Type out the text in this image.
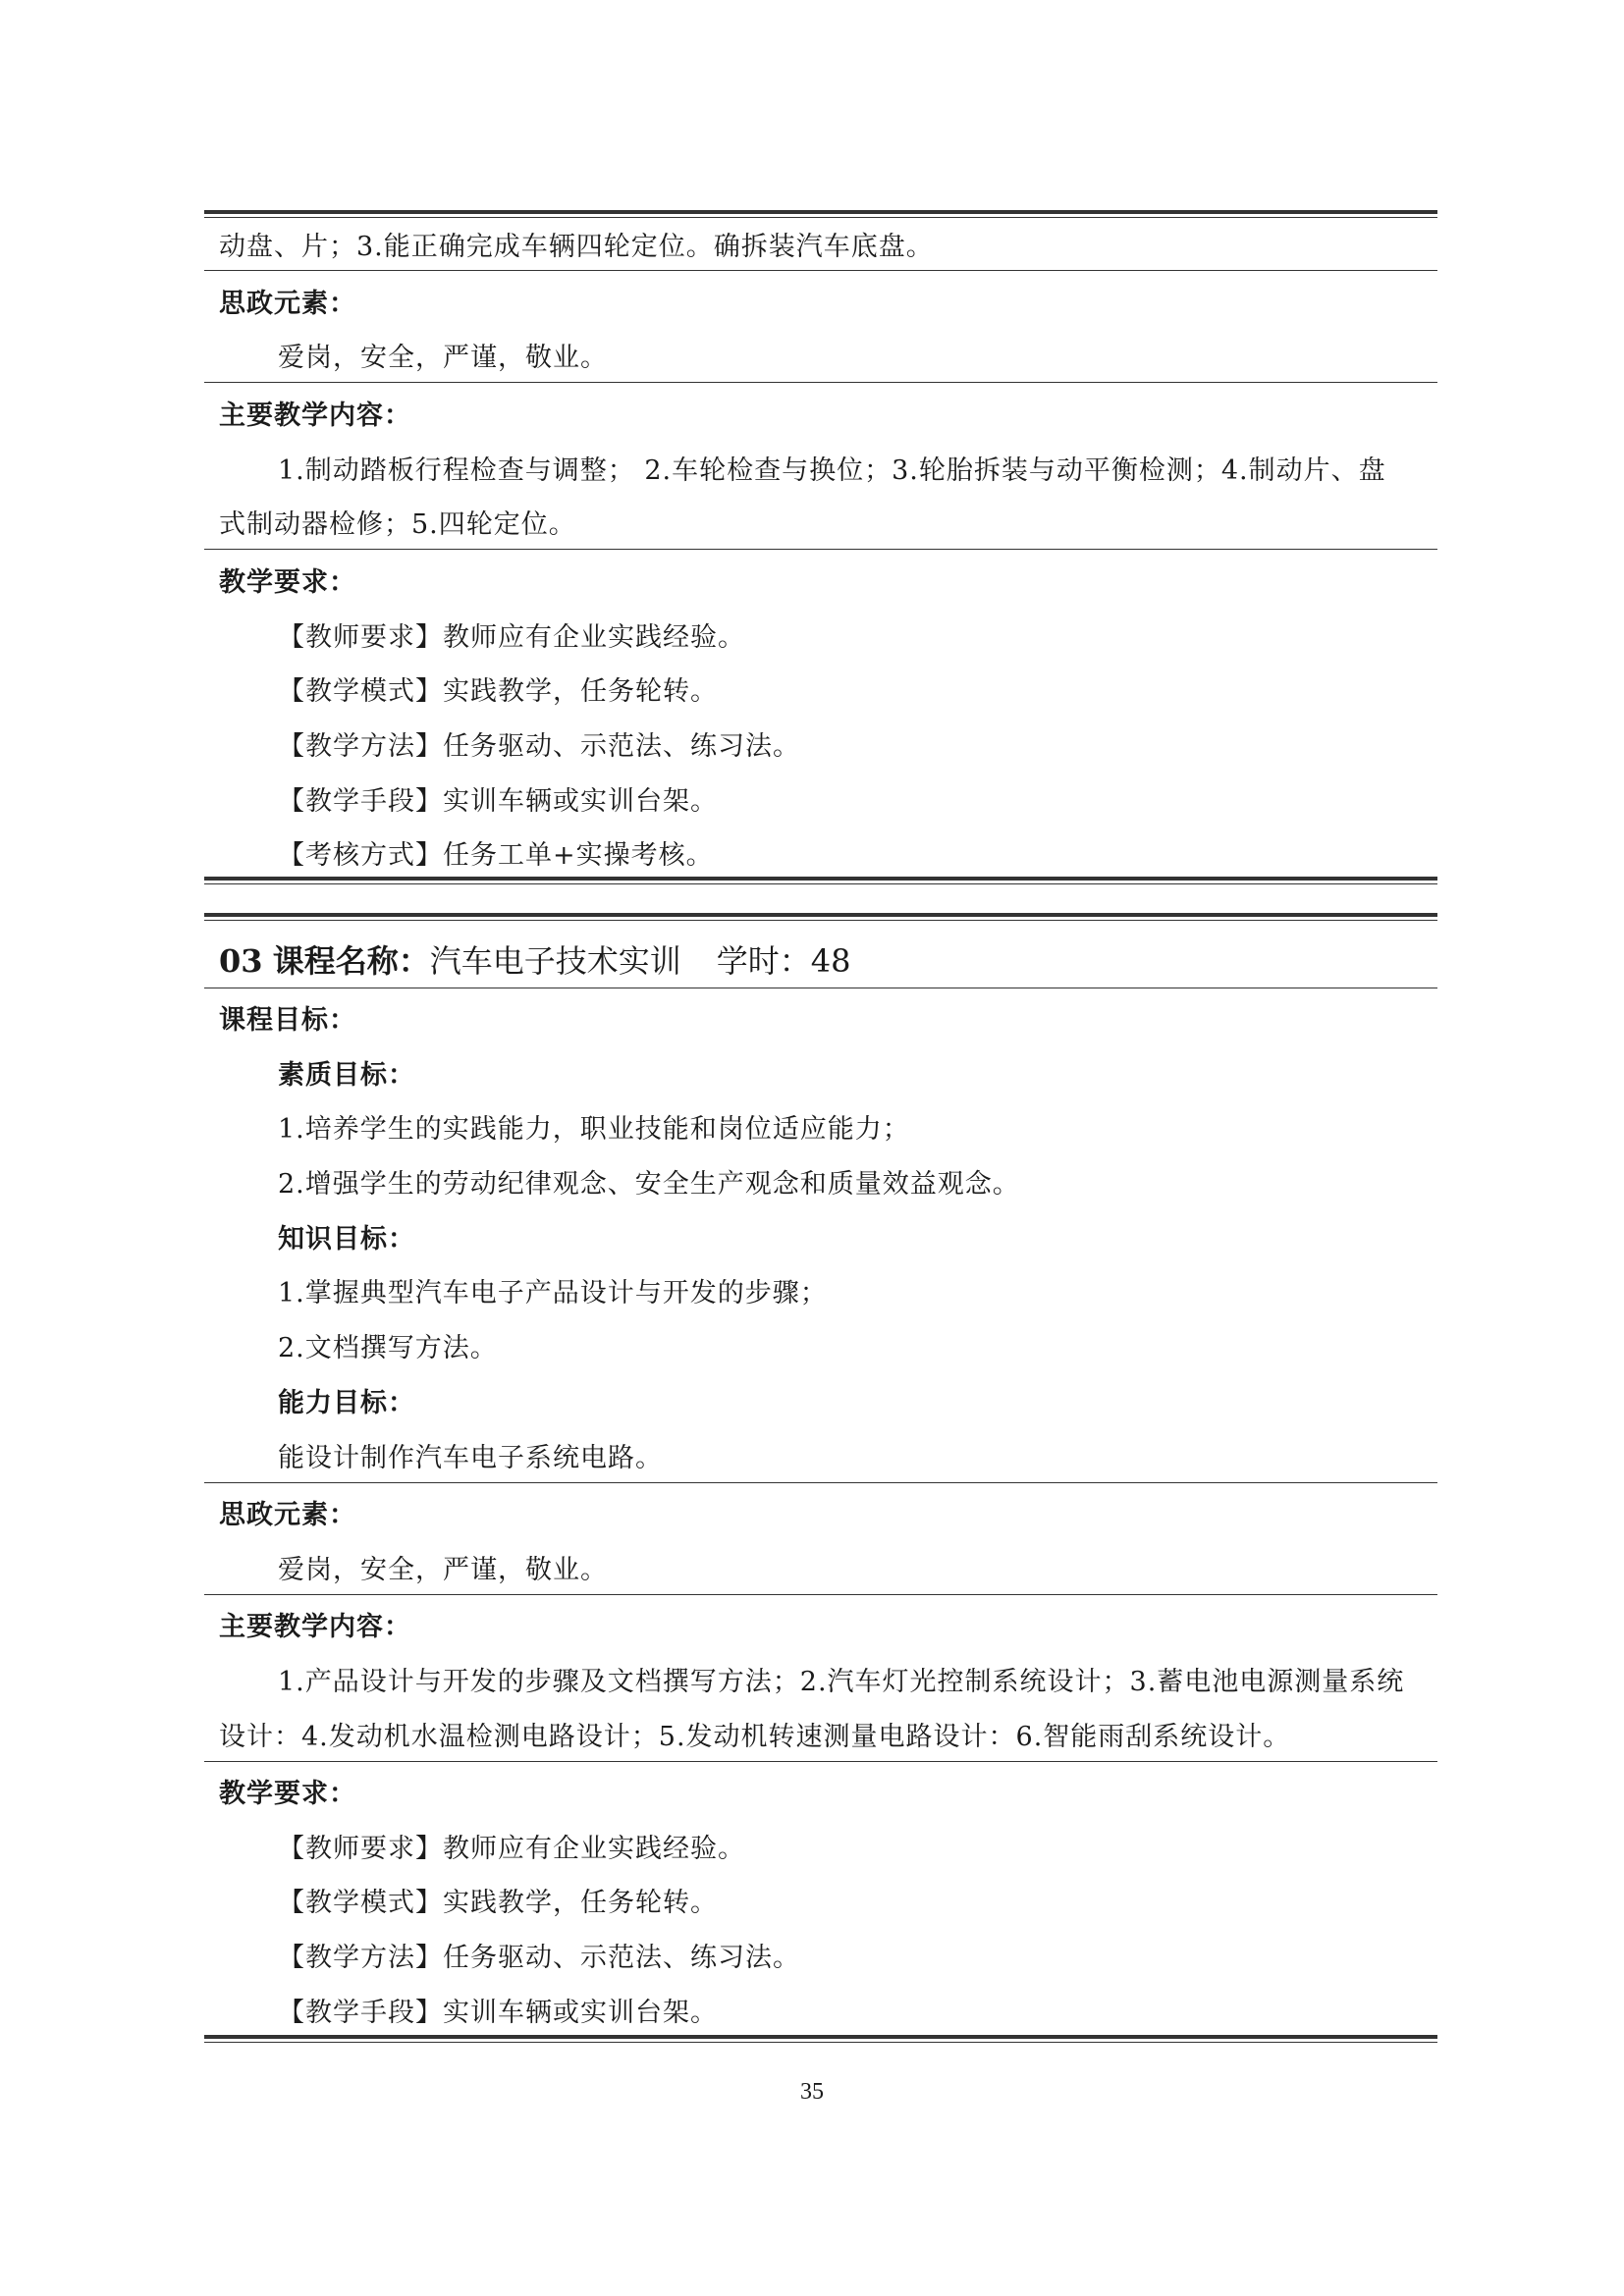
动盘、片；3.能正确完成车辆四轮定位。确拆装汽车底盘。
思政元素：
爱岗，安全，严谨，敬业。
主要教学内容：
1.制动踏板行程检查与调整； 2.车轮检查与换位；3.轮胎拆装与动平衡检测；4.制动片、盘
式制动器检修；5.四轮定位。
教学要求：
【教师要求】教师应有企业实践经验。
【教学模式】实践教学，任务轮转。
【教学方法】任务驱动、示范法、练习法。
【教学手段】实训车辆或实训台架。
【考核方式】任务工单+实操考核。
03 课程名称：汽车电子技术实训 学时：48
课程目标：
素质目标：
1.培养学生的实践能力，职业技能和岗位适应能力；
2.增强学生的劳动纪律观念、安全生产观念和质量效益观念。
知识目标：
1.掌握典型汽车电子产品设计与开发的步骤；
2.文档撰写方法。
能力目标：
能设计制作汽车电子系统电路。
思政元素：
爱岗，安全，严谨，敬业。
主要教学内容：
1.产品设计与开发的步骤及文档撰写方法；2.汽车灯光控制系统设计；3.蓄电池电源测量系统
设计：4.发动机水温检测电路设计；5.发动机转速测量电路设计：6.智能雨刮系统设计。
教学要求：
【教师要求】教师应有企业实践经验。
【教学模式】实践教学，任务轮转。
【教学方法】任务驱动、示范法、练习法。
【教学手段】实训车辆或实训台架。
35
